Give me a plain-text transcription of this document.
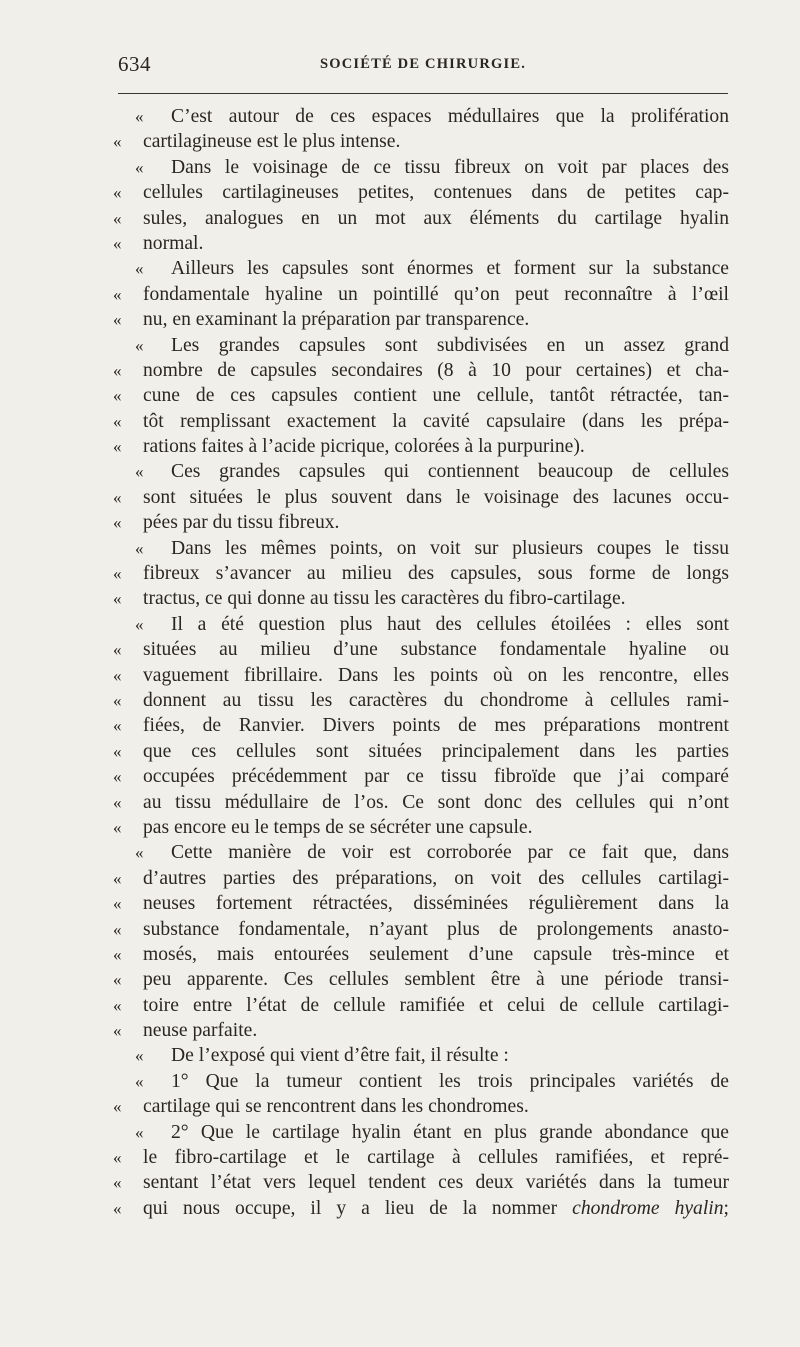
634	SOCIÉTÉ DE CHIRURGIE.
«	C’est autour de ces espaces médullaires que la prolifération
«	cartilagineuse est le plus intense.
«	Dans le voisinage de ce tissu fibreux on voit par places des
«	cellules cartilagineuses petites, contenues dans de petites cap-
«	sules, analogues en un mot aux éléments du cartilage hyalin
«	normal.
«	Ailleurs les capsules sont énormes et forment sur la substance
«	fondamentale hyaline un pointillé qu’on peut reconnaître à l’œil
«	nu, en examinant la préparation par transparence.
«	Les grandes capsules sont subdivisées en un assez grand
«	nombre de capsules secondaires (8 à 10 pour certaines) et cha-
«	cune de ces capsules contient une cellule, tantôt rétractée, tan-
«	tôt remplissant exactement la cavité capsulaire (dans les prépa-
«	rations faites à l’acide picrique, colorées à la purpurine).
«	Ces grandes capsules qui contiennent beaucoup de cellules
«	sont situées le plus souvent dans le voisinage des lacunes occu-
«	pées par du tissu fibreux.
«	Dans les mêmes points, on voit sur plusieurs coupes le tissu
«	fibreux s’avancer au milieu des capsules, sous forme de longs
«	tractus, ce qui donne au tissu les caractères du fibro-cartilage.
«	Il a été question plus haut des cellules étoilées : elles sont
«	situées au milieu d’une substance fondamentale hyaline ou
«	vaguement fibrillaire. Dans les points où on les rencontre, elles
«	donnent au tissu les caractères du chondrome à cellules rami-
«	fiées, de Ranvier. Divers points de mes préparations montrent
«	que ces cellules sont situées principalement dans les parties
«	occupées précédemment par ce tissu fibroïde que j’ai comparé
«	au tissu médullaire de l’os. Ce sont donc des cellules qui n’ont
«	pas encore eu le temps de se sécréter une capsule.
«	Cette manière de voir est corroborée par ce fait que, dans
«	d’autres parties des préparations, on voit des cellules cartilagi-
«	neuses fortement rétractées, disséminées régulièrement dans la
«	substance fondamentale, n’ayant plus de prolongements anasto-
«	mosés, mais entourées seulement d’une capsule très-mince et
«	peu apparente. Ces cellules semblent être à une période transi-
«	toire entre l’état de cellule ramifiée et celui de cellule cartilagi-
«	neuse parfaite.
«	De l’exposé qui vient d’être fait, il résulte :
«	1° Que la tumeur contient les trois principales variétés de
«	cartilage qui se rencontrent dans les chondromes.
«	2° Que le cartilage hyalin étant en plus grande abondance que
«	le fibro-cartilage et le cartilage à cellules ramifiées, et repré-
«	sentant l’état vers lequel tendent ces deux variétés dans la tumeur
«	qui nous occupe, il y a lieu de la nommer chondrome hyalin;
